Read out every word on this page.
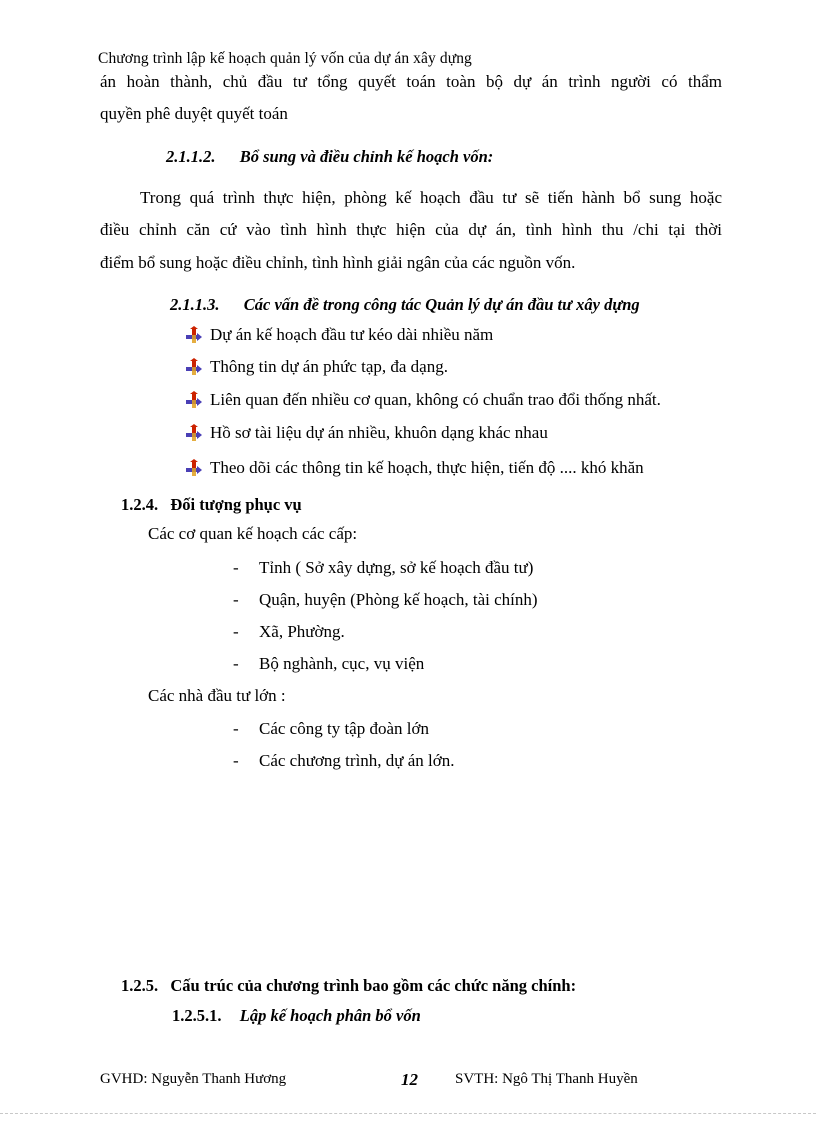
Chương trình lập kế hoạch quản lý vốn của dự án xây dựng
án hoàn thành, chủ đầu tư tổng quyết toán toàn bộ dự án trình người có thẩm
quyền phê duyệt quyết toán
2.1.1.2. Bổ sung và điều chỉnh kế hoạch vốn:
Trong quá trình thực hiện, phòng kế hoạch đầu tư sẽ tiến hành bổ sung hoặc
điều chỉnh căn cứ vào tình hình thực hiện của dự án, tình hình thu /chi tại thời
điểm bổ sung hoặc điều chỉnh, tình hình giải ngân của các nguồn vốn.
2.1.1.3. Các vấn đề trong công tác Quản lý dự án đầu tư xây dựng
Dự án kế hoạch đầu tư kéo dài nhiều năm
Thông tin dự án phức tạp, đa dạng.
Liên quan đến nhiều cơ quan, không có chuẩn trao đổi thống nhất.
Hồ sơ tài liệu dự án nhiều, khuôn dạng khác nhau
Theo dõi các thông tin kế hoạch, thực hiện, tiến độ .... khó khăn
1.2.4. Đối tượng phục vụ
Các cơ quan kế hoạch các cấp:
- Tỉnh ( Sở xây dựng, sở kế hoạch đầu tư)
- Quận, huyện (Phòng kế hoạch, tài chính)
- Xã, Phường.
- Bộ nghành, cục, vụ viện
Các nhà đầu tư lớn :
- Các công ty tập đoàn lớn
- Các chương trình, dự án lớn.
1.2.5. Cấu trúc của chương trình bao gồm các chức năng chính:
1.2.5.1. Lập kế hoạch phân bổ vốn
GVHD: Nguyễn Thanh Hương	12 SVTH: Ngô Thị Thanh Huyền
